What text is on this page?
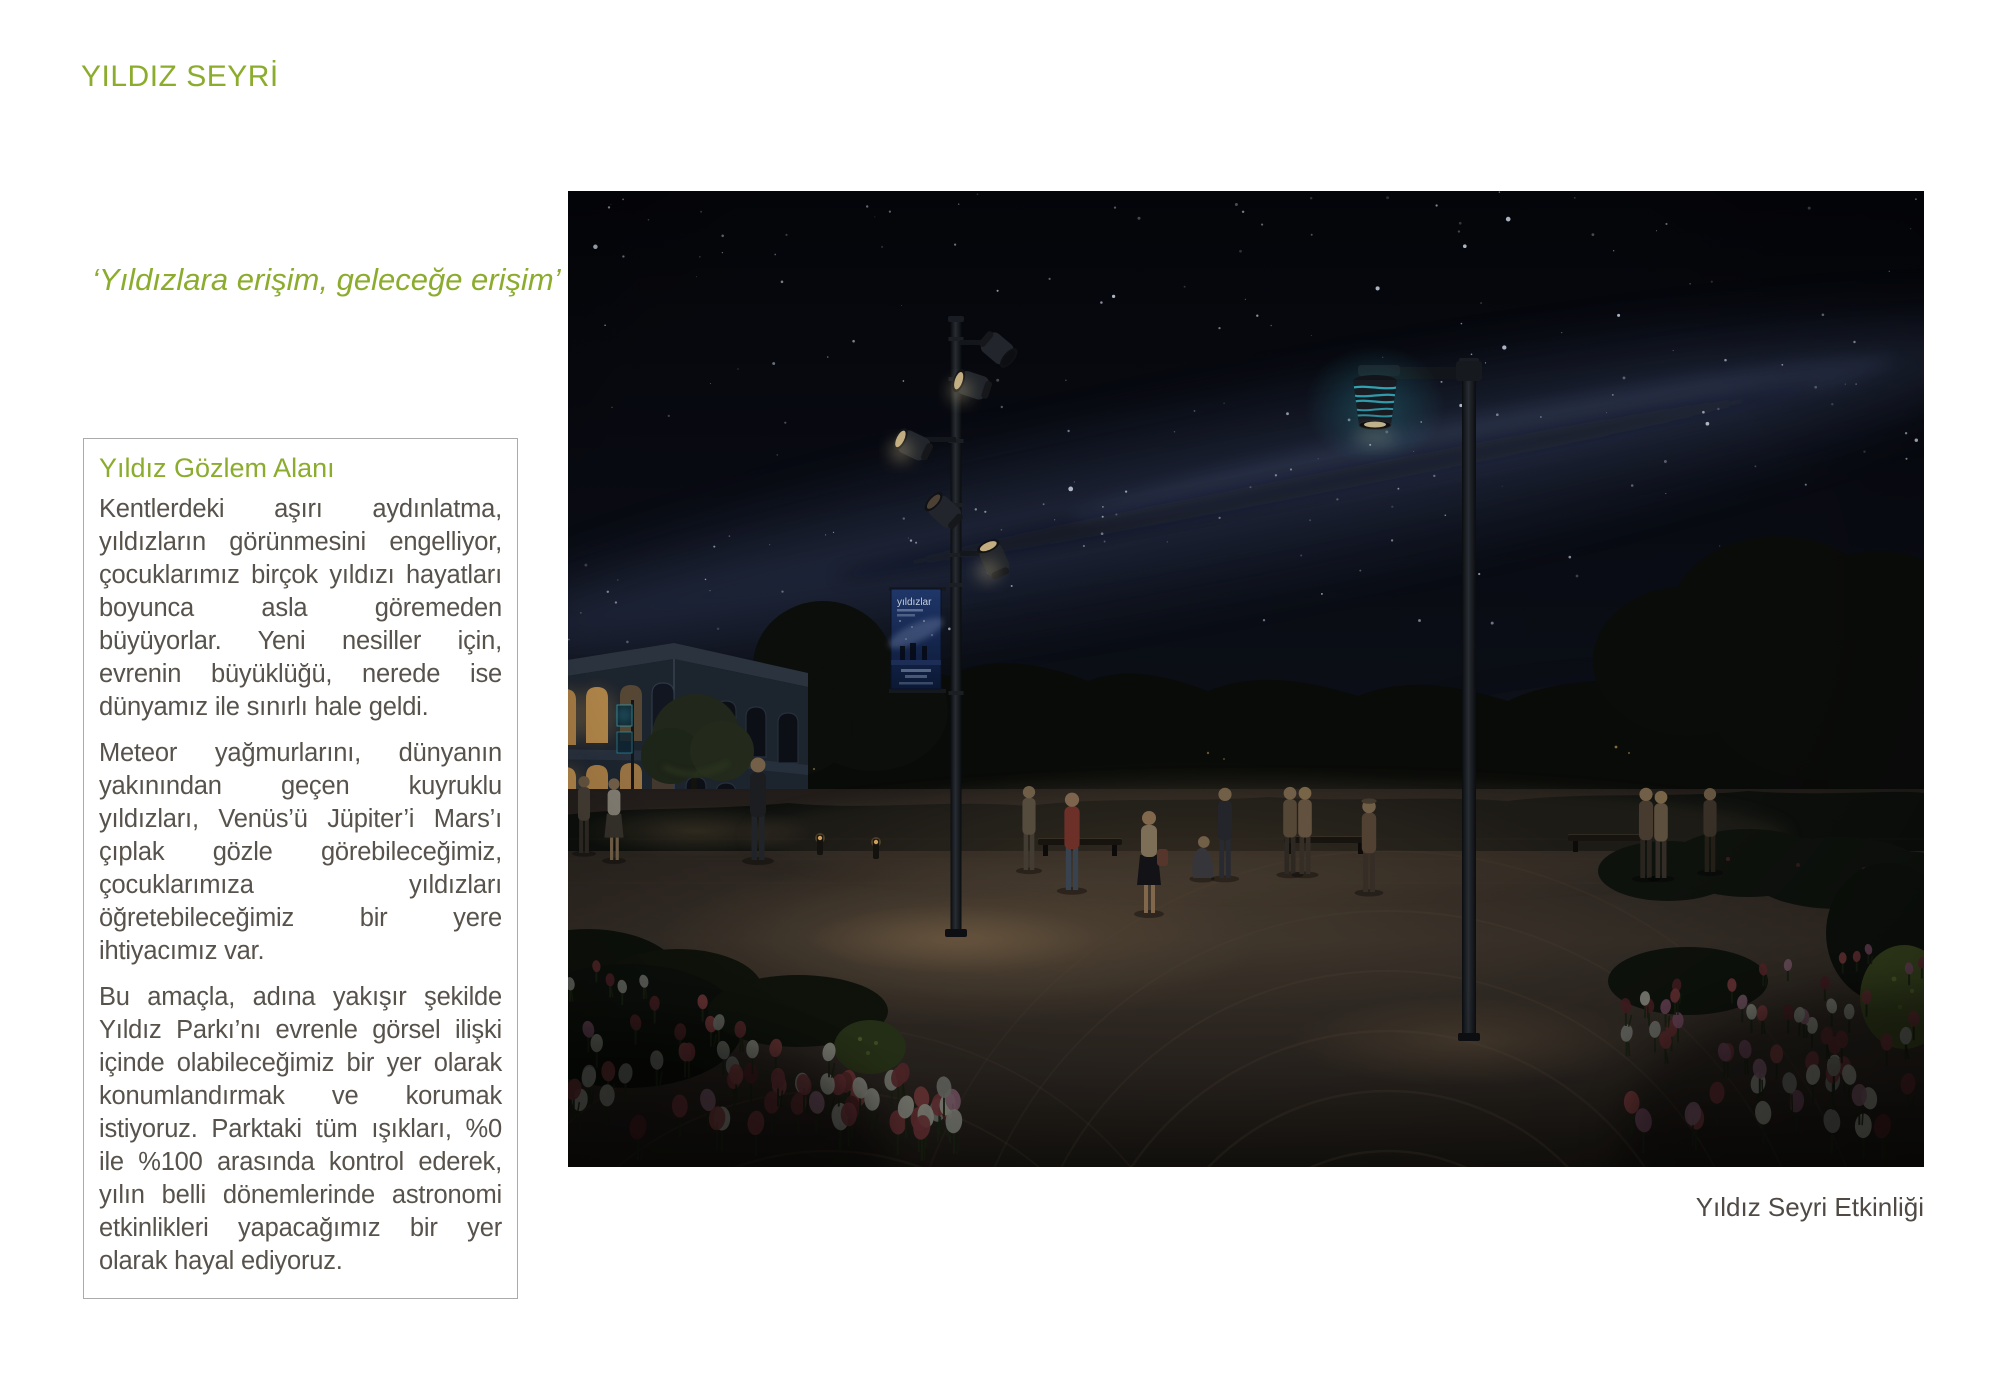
YILDIZ SEYRİ
‘Yıldızlara erişim, geleceğe erişim’
Yıldız Gözlem Alanı

Kentlerdeki aşırı aydınlatma, yıldızların görünmesini engelliyor, çocuklarımız birçok yıldızı hayatları boyunca asla göremeden büyüyorlar. Yeni nesiller için, evrenin büyüklüğü, nerede ise dünyamız ile sınırlı hale geldi.

Meteor yağmurlarını, dünyanın yakınından geçen kuyruklu yıldızları, Venüs’ü Jüpiter’i Mars’ı çıplak gözle görebileceğimiz, çocuklarımıza yıldızları öğretebileceğimiz bir yere ihtiyacımız var.

Bu amaçla, adına yakışır şekilde Yıldız Parkı’nı evrenle görsel ilişki içinde olabileceğimiz bir yer olarak konumlandırmak ve korumak istiyoruz. Parktaki tüm ışıkları, %0 ile %100 arasında kontrol ederek, yılın belli dönemlerinde astronomi etkinlikleri yapacağımız bir yer olarak hayal ediyoruz.

Yıldız Seyri Etkinliği
